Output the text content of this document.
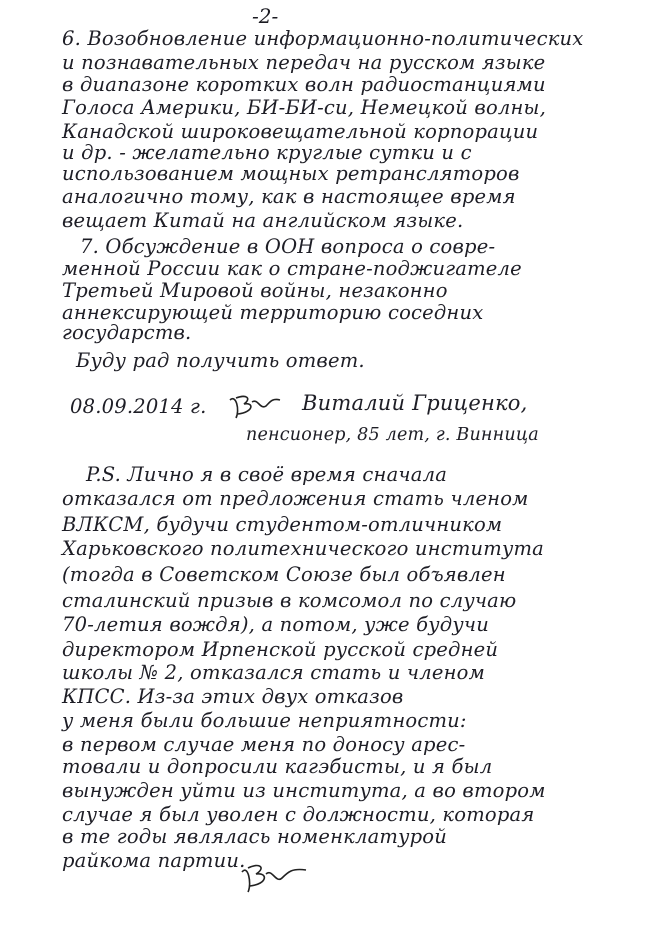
-2-
6. Возобновление информационно-политических
и познавательных передач на русском языке
в диапазоне коротких волн радиостанциями
Голоса Америки, БИ-БИ-си, Немецкой волны,
Канадской широковещательной корпорации
и др. - желательно круглые сутки и с
использованием мощных ретрансляторов
аналогично тому, как в настоящее время
вещает Китай на английском языке.
7. Обсуждение в ООН вопроса о совре-
менной России как о стране-поджигателе
Третьей Мировой войны, незаконно
аннексирующей территорию соседних
государств.
Буду рад получить ответ.
08.09.2014 г.	Виталий Гриценко,
пенсионер, 85 лет, г. Винница
P.S. Лично я в своё время сначала
отказался от предложения стать членом
ВЛКСМ, будучи студентом-отличником
Харьковского политехнического института
(тогда в Советском Союзе был объявлен
сталинский призыв в комсомол по случаю
70-летия вождя), а потом, уже будучи
директором Ирпенской русской средней
школы № 2, отказался стать и членом
КПСС. Из-за этих двух отказов
у меня были большие неприятности:
в первом случае меня по доносу арес-
товали и допросили кагэбисты, и я был
вынужден уйти из института, а во втором
случае я был уволен с должности, которая
в те годы являлась номенклатурой
райкома партии.
